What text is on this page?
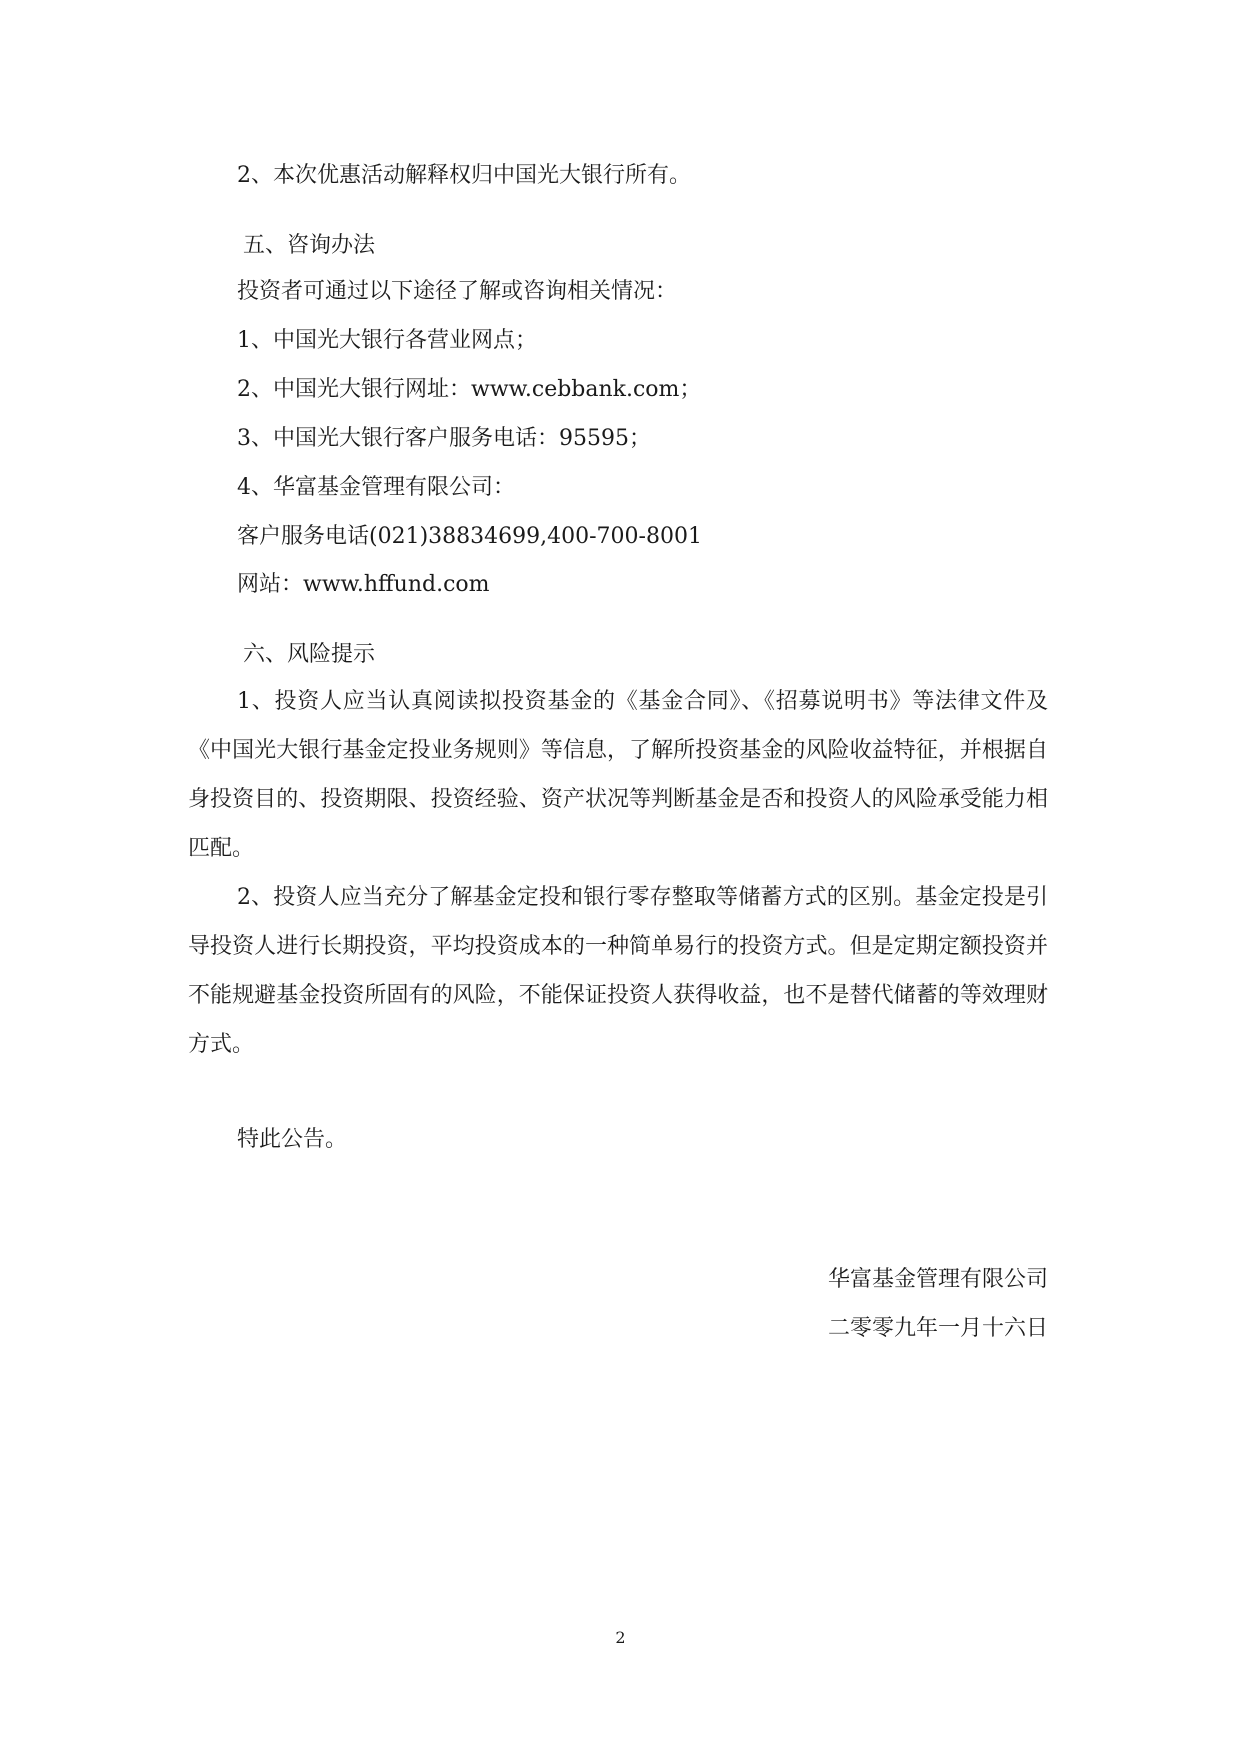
2、本次优惠活动解释权归中国光大银行所有。

五、咨询办法

投资者可通过以下途径了解或咨询相关情况：

1、中国光大银行各营业网点；

2、中国光大银行网址：www.cebbank.com；

3、中国光大银行客户服务电话：95595；

4、华富基金管理有限公司：

客户服务电话(021)38834699,400-700-8001

网站：www.hffund.com

六、风险提示

1、投资人应当认真阅读拟投资基金的《基金合同》、《招募说明书》等法律文件及《中国光大银行基金定投业务规则》等信息，了解所投资基金的风险收益特征，并根据自身投资目的、投资期限、投资经验、资产状况等判断基金是否和投资人的风险承受能力相匹配。

2、投资人应当充分了解基金定投和银行零存整取等储蓄方式的区别。基金定投是引导投资人进行长期投资，平均投资成本的一种简单易行的投资方式。但是定期定额投资并不能规避基金投资所固有的风险，不能保证投资人获得收益，也不是替代储蓄的等效理财方式。

特此公告。

华富基金管理有限公司

二零零九年一月十六日

2
